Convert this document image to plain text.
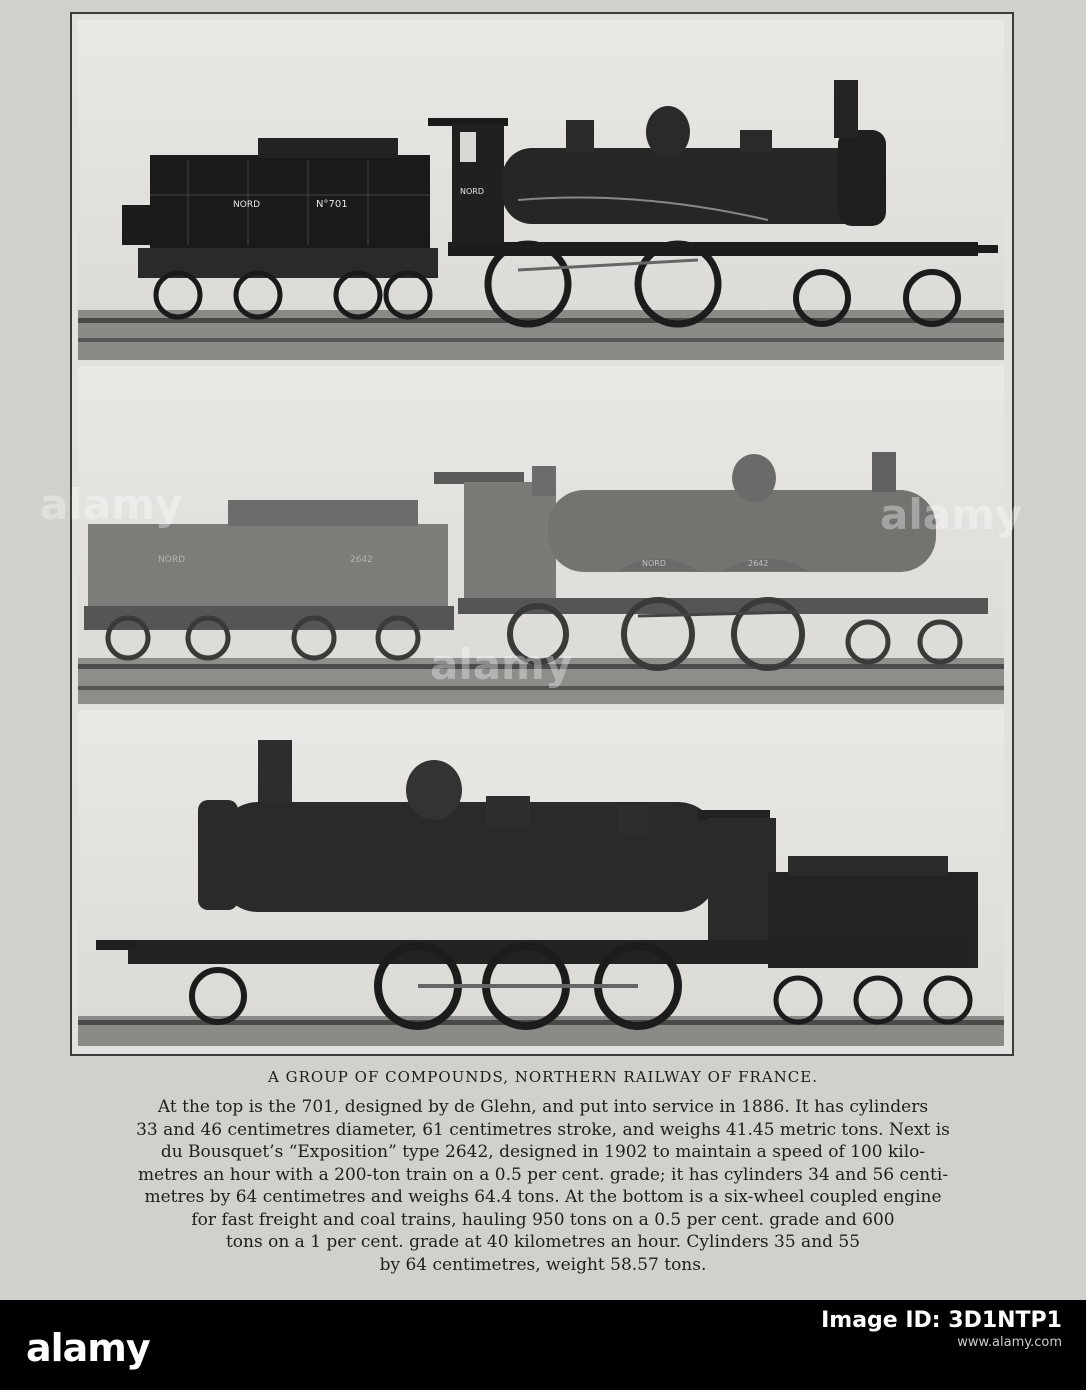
NORD	N°701
NORD
NORD	2642	NORD	2642
A GROUP OF COMPOUNDS, NORTHERN RAILWAY OF FRANCE.
At the top is the 701, designed by de Glehn, and put into service in 1886. It has cylinders
33 and 46 centimetres diameter, 61 centimetres stroke, and weighs 41.45 metric tons. Next is
du Bousquet’s “Exposition” type 2642, designed in 1902 to maintain a speed of 100 kilo-
metres an hour with a 200-ton train on a 0.5 per cent. grade; it has cylinders 34 and 56 centi-
metres by 64 centimetres and weighs 64.4 tons. At the bottom is a six-wheel coupled engine
for fast freight and coal trains, hauling 950 tons on a 0.5 per cent. grade and 600
tons on a 1 per cent. grade at 40 kilometres an hour. Cylinders 35 and 55
by 64 centimetres, weight 58.57 tons.
alamy
alamy
alamy
alamy
Image ID: 3D1NTP1
www.alamy.com
